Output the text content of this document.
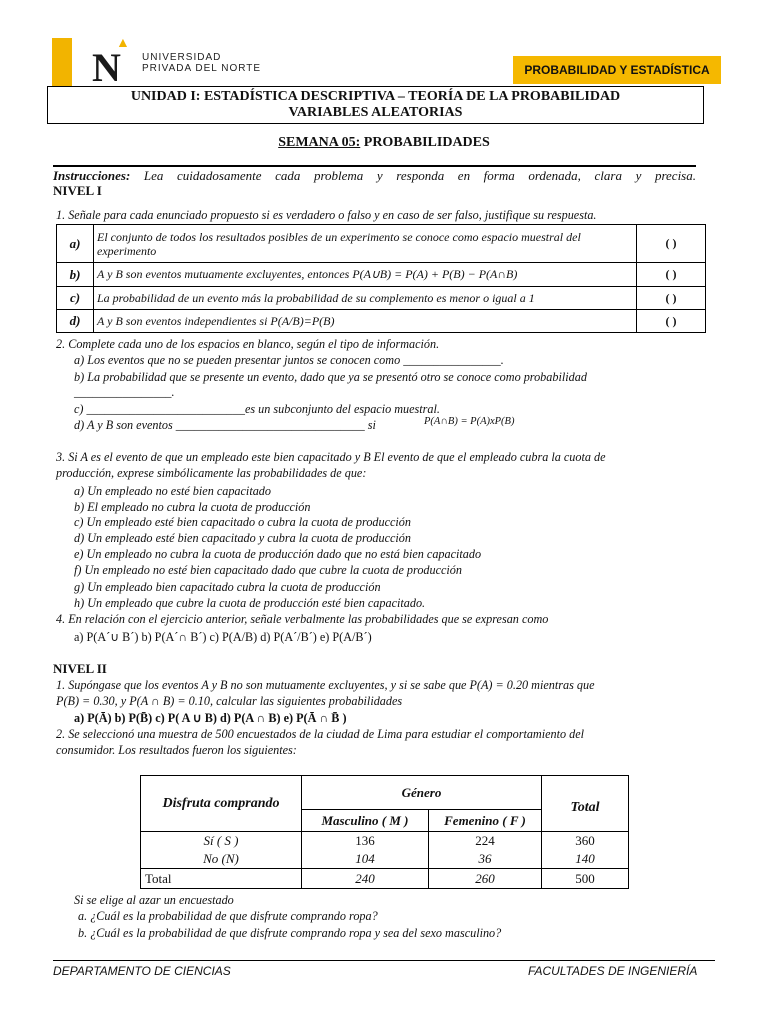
N
▲
UNIVERSIDAD
PRIVADA DEL NORTE	PROBABILIDAD Y ESTADÍSTICA
UNIDAD I: ESTADÍSTICA DESCRIPTIVA – TEORÍA DE LA PROBABILIDAD
VARIABLES ALEATORIAS
SEMANA 05: PROBABILIDADES
Instrucciones: Lea cuidadosamente cada problema y responda en forma ordenada, clara y precisa.
NIVEL I
1. Señale para cada enunciado propuesto si es verdadero o falso y en caso de ser falso, justifique su respuesta.
a)	El conjunto de todos los resultados posibles de un experimento se conoce como espacio muestral del experimento	( )
b)	A y B son eventos mutuamente excluyentes, entonces P(A∪B) = P(A) + P(B) − P(A∩B)	( )
c)	La probabilidad de un evento más la probabilidad de su complemento es menor o igual a 1	( )
d)	A y B son eventos independientes si P(A/B)=P(B)	( )
2. Complete cada uno de los espacios en blanco, según el tipo de información.
a) Los eventos que no se pueden presentar juntos se conocen como ________________.
b) La probabilidad que se presente un evento, dado que ya se presentó otro se conoce como probabilidad
________________.
c) __________________________es un subconjunto del espacio muestral.
d) A y B son eventos _______________________________ si	P(A∩B) = P(A)xP(B)
3. Si A es el evento de que un empleado este bien capacitado y B El evento de que el empleado cubra la cuota de
producción, exprese simbólicamente las probabilidades de que:
a) Un empleado no esté bien capacitado
b) El empleado no cubra la cuota de producción
c) Un empleado esté bien capacitado o cubra la cuota de producción
d) Un empleado esté bien capacitado y cubra la cuota de producción
e) Un empleado no cubra la cuota de producción dado que no está bien capacitado
f) Un empleado no esté bien capacitado dado que cubre la cuota de producción
g) Un empleado bien capacitado cubra la cuota de producción
h) Un empleado que cubre la cuota de producción esté bien capacitado.
4. En relación con el ejercicio anterior, señale verbalmente las probabilidades que se expresan como
a) P(A´∪ B´) b) P(A´∩ B´) c) P(A/B) d) P(A´/B´) e) P(A/B´)
NIVEL II
1. Supóngase que los eventos A y B no son mutuamente excluyentes, y si se sabe que P(A) = 0.20 mientras que
P(B) = 0.30, y P(A ∩ B) = 0.10, calcular las siguientes probabilidades
a) P(Ā) b) P(B̄) c) P( A ∪ B) d) P(A ∩ B) e) P(Ā ∩ B̄ )
2. Se seleccionó una muestra de 500 encuestados de la ciudad de Lima para estudiar el comportamiento del
consumidor. Los resultados fueron los siguientes:
Disfruta comprando	Género		
	Masculino ( M )	Femenino ( F )	Total
Sí ( S )	136	224	360
No (N)	104	36	140
Total	240	260	500
Si se elige al azar un encuestado
a. ¿Cuál es la probabilidad de que disfrute comprando ropa?
b. ¿Cuál es la probabilidad de que disfrute comprando ropa y sea del sexo masculino?
DEPARTAMENTO DE CIENCIAS	FACULTADES DE INGENIERÍA
